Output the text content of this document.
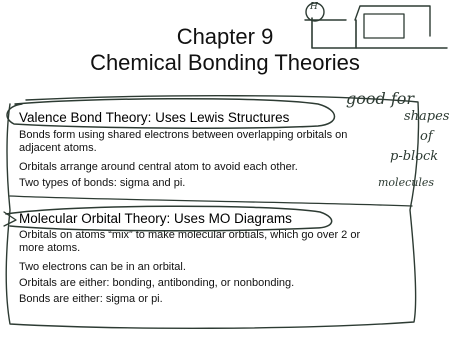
Chapter 9
Chemical Bonding Theories
Valence Bond Theory: Uses Lewis Structures
Bonds form using shared electrons between overlapping orbitals on
adjacent atoms.
Orbitals arrange around central atom to avoid each other.
Two types of bonds: sigma and pi.
Molecular Orbital Theory: Uses MO Diagrams
Orbitals on atoms “mix” to make molecular orbtials, which go over 2 or
more atoms.
Two electrons can be in an orbital.
Orbitals are either: bonding, antibonding, or nonbonding.
Bonds are either: sigma or pi.
H
good for
shapes
of
p-block
molecules
